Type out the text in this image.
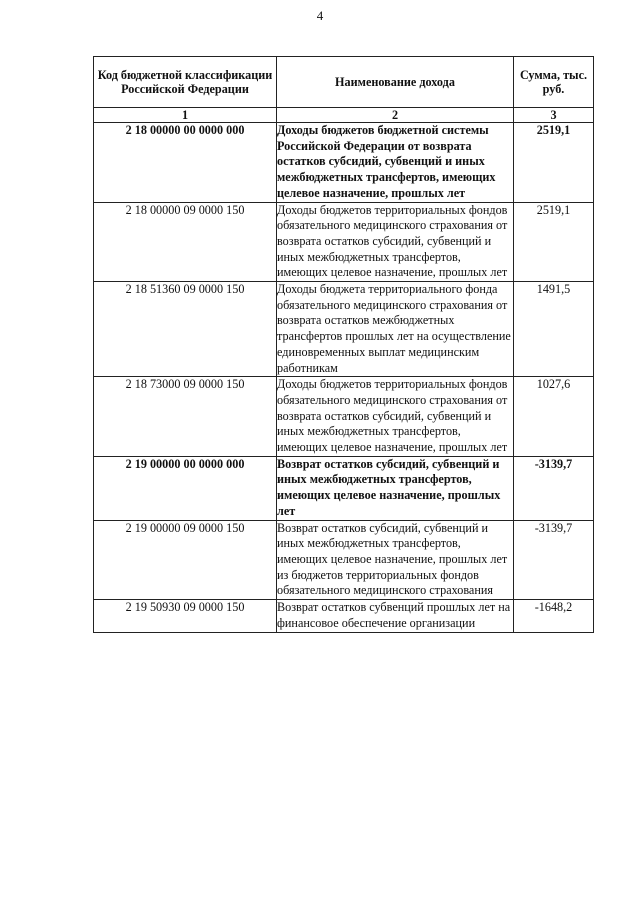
4
Код бюджетной классификации Российской Федерации	Наименование дохода	Сумма, тыс. руб.
1	2	3
2 18 00000 00 0000 000	Доходы бюджетов бюджетной системы Российской Федерации от возврата остатков субсидий, субвенций и иных межбюджетных трансфертов, имеющих целевое назначение, прошлых лет	2519,1
2 18 00000 09 0000 150	Доходы бюджетов территориальных фондов обязательного медицинского страхования от возврата остатков субсидий, субвенций и иных межбюджетных трансфертов, имеющих целевое назначение, прошлых лет	2519,1
2 18 51360 09 0000 150	Доходы бюджета территориального фонда обязательного медицинского страхования от возврата остатков межбюджетных трансфертов прошлых лет на осуществление единовременных выплат медицинским работникам	1491,5
2 18 73000 09 0000 150	Доходы бюджетов территориальных фондов обязательного медицинского страхования от возврата остатков субсидий, субвенций и иных межбюджетных трансфертов, имеющих целевое назначение, прошлых лет	1027,6
2 19 00000 00 0000 000	Возврат остатков субсидий, субвенций и иных межбюджетных трансфертов, имеющих целевое назначение, прошлых лет	-3139,7
2 19 00000 09 0000 150	Возврат остатков субсидий, субвенций и иных межбюджетных трансфертов, имеющих целевое назначение, прошлых лет из бюджетов территориальных фондов обязательного медицинского страхования	-3139,7
2 19 50930 09 0000 150	Возврат остатков субвенций прошлых лет на финансовое обеспечение организации	-1648,2
